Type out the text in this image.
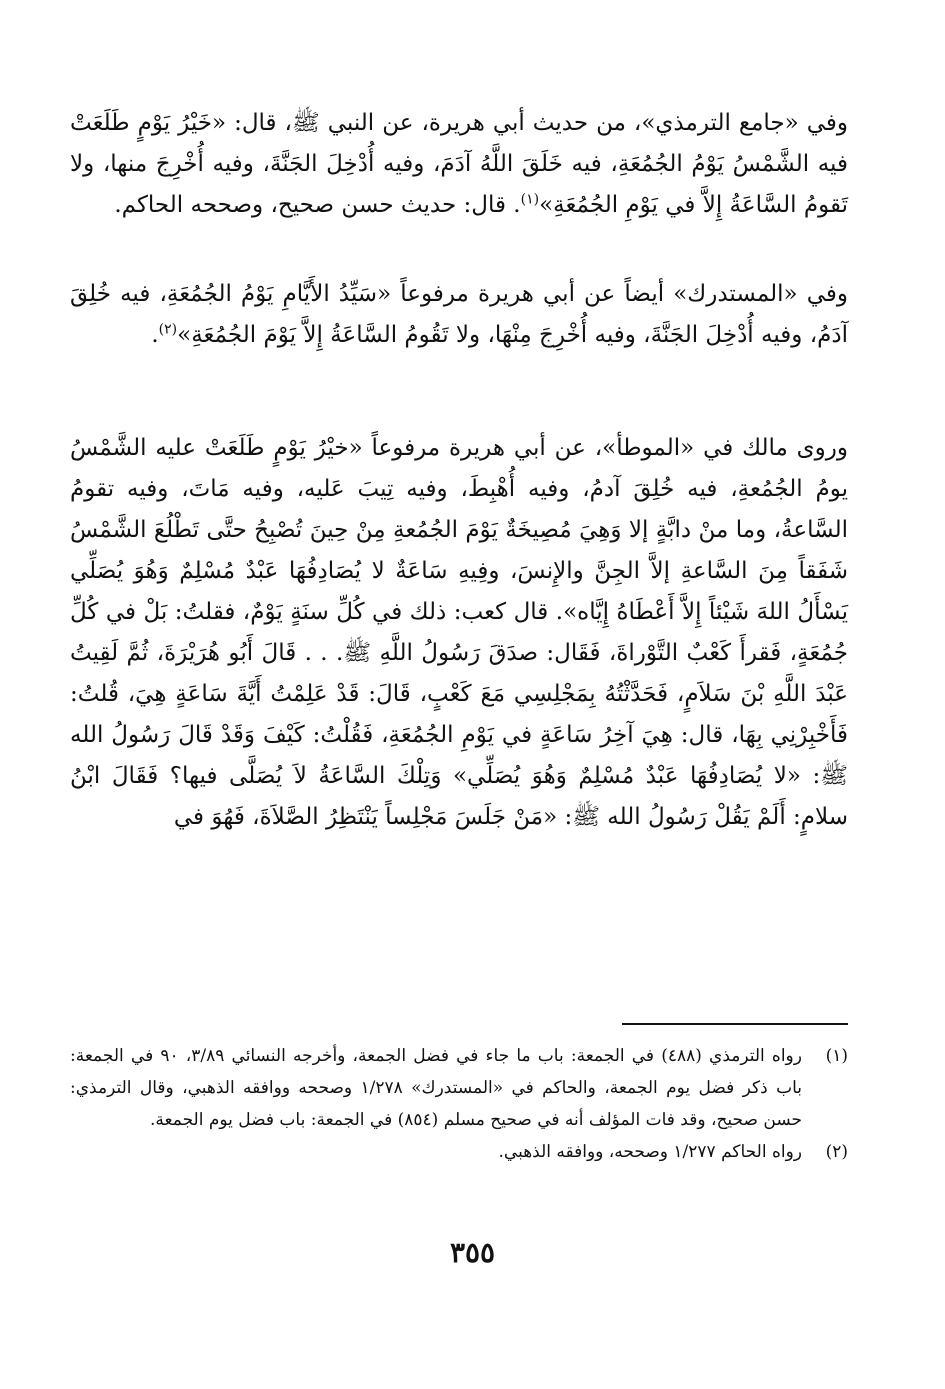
وفي «جامع الترمذي»، من حديث أبي هريرة، عن النبي ﷺ، قال: «خَيْرُ يَوْمٍ طَلَعَتْ فيه الشَّمْسُ يَوْمُ الجُمُعَةِ، فيه خَلَقَ اللَّهُ آدَمَ، وفيه أُدْخِلَ الجَنَّةَ، وفيه أُخْرِجَ منها، ولا تَقومُ السَّاعَةُ إِلاَّ في يَوْمِ الجُمُعَةِ»$^{(١)}$. قال: حديث حسن صحيح، وصححه الحاكم.

وفي «المستدرك» أيضاً عن أبي هريرة مرفوعاً «سَيِّدُ الأَيَّامِ يَوْمُ الجُمُعَةِ، فيه خُلِقَ آدَمُ، وفيه أُدْخِلَ الجَنَّةَ، وفيه أُخْرِجَ مِنْهَا، ولا تَقُومُ السَّاعَةُ إِلاَّ يَوْمَ الجُمُعَةِ»$^{(٢)}$.

وروى مالك في «الموطأ»، عن أبي هريرة مرفوعاً «خيْرُ يَوْمٍ طَلَعَتْ عليه الشَّمْسُ يومُ الجُمُعةِ، فيه خُلِقَ آدمُ، وفيه أُهْبِطَ، وفيه تِيبَ عَليه، وفيه مَاتَ، وفيه تقومُ السَّاعةُ، وما منْ دابَّةٍ إلا وَهِيَ مُصِيخَةٌ يَوْمَ الجُمُعةِ مِنْ حِينَ تُصْبِحُ حتَّى تَطْلُعَ الشَّمْسُ شَفَقاً مِنَ السَّاعةِ إلاَّ الجِنَّ والإِنسَ، وفِيهِ سَاعَةٌ لا يُصَادِفُهَا عَبْدٌ مُسْلِمٌ وَهُوَ يُصَلِّي يَسْأَلُ اللهَ شَيْئاً إِلاَّ أَعْطَاهُ إِيَّاه». قال كعب: ذلك في كُلِّ سنَةٍ يَوْمٌ، فقلتُ: بَلْ في كُلِّ جُمُعَةٍ، فَقرأَ كَعْبٌ التَّوْراةَ، فَقَال: صدَقَ رَسُولُ اللَّهِ ﷺ. . . قَالَ أَبُو هُرَيْرَةَ، ثُمَّ لَقِيتُ عَبْدَ اللَّهِ بْنَ سَلاَمٍ، فَحَدَّثْتُهُ بِمَجْلِسِي مَعَ كَعْبٍ، قَالَ: قَدْ عَلِمْتُ أَيَّةَ سَاعَةٍ هِيَ، قُلتُ: فَأَخْبِرْنِي بِهَا، قال: هِيَ آخِرُ سَاعَةٍ في يَوْمِ الجُمُعَةِ، فَقُلْتُ: كَيْفَ وَقَدْ قَالَ رَسُولُ الله ﷺ: «لا يُصَادِفُهَا عَبْدٌ مُسْلِمٌ وَهُوَ يُصَلِّي» وَتِلْكَ السَّاعَةُ لاَ يُصَلَّى فيها؟ فَقَالَ ابْنُ سلامٍ: أَلَمْ يَقُلْ رَسُولُ الله ﷺ: «مَنْ جَلَسَ مَجْلِساً يَنْتَظِرُ الصَّلاَةَ، فَهُوَ في

(١)
رواه الترمذي (٤٨٨) في الجمعة: باب ما جاء في فضل الجمعة، وأخرجه النسائي ٣/٨٩، ٩٠ في الجمعة: باب ذكر فضل يوم الجمعة، والحاكم في «المستدرك» ١/٢٧٨ وصححه ووافقه الذهبي، وقال الترمذي: حسن صحيح، وقد فات المؤلف أنه في صحيح مسلم (٨٥٤) في الجمعة: باب فضل يوم الجمعة.
(٢)
رواه الحاكم ١/٢٧٧ وصححه، ووافقه الذهبي.
٣٥٥
